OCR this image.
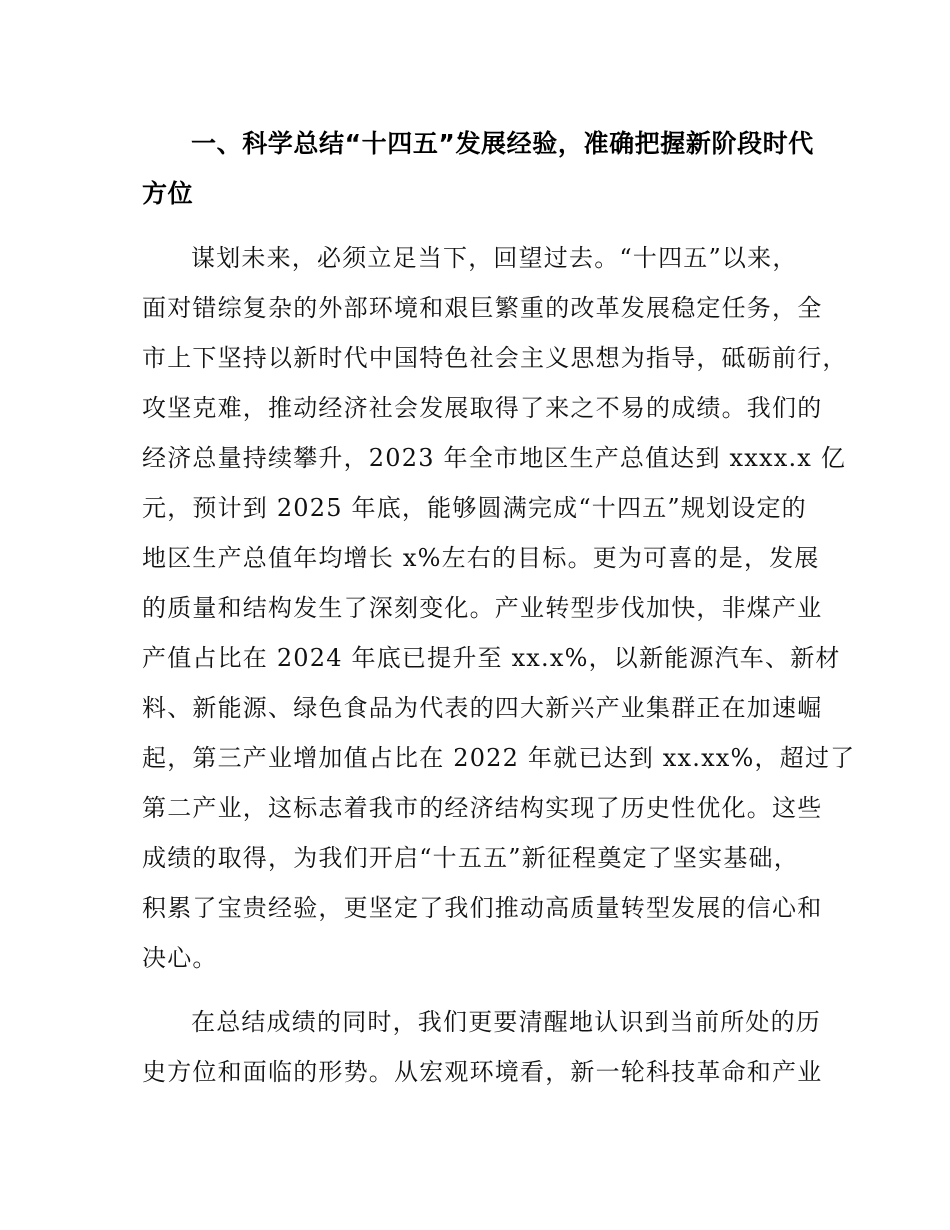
一、科学总结“十四五”发展经验，准确把握新阶段时代
方位
谋划未来，必须立足当下，回望过去。“十四五”以来，
面对错综复杂的外部环境和艰巨繁重的改革发展稳定任务，全
市上下坚持以新时代中国特色社会主义思想为指导，砥砺前行，
攻坚克难，推动经济社会发展取得了来之不易的成绩。我们的
经济总量持续攀升，2023 年全市地区生产总值达到 xxxx.x 亿
元，预计到 2025 年底，能够圆满完成“十四五”规划设定的
地区生产总值年均增长 x%左右的目标。更为可喜的是，发展
的质量和结构发生了深刻变化。产业转型步伐加快，非煤产业
产值占比在 2024 年底已提升至 xx.x%，以新能源汽车、新材
料、新能源、绿色食品为代表的四大新兴产业集群正在加速崛
起，第三产业增加值占比在 2022 年就已达到 xx.xx%，超过了
第二产业，这标志着我市的经济结构实现了历史性优化。这些
成绩的取得，为我们开启“十五五”新征程奠定了坚实基础，
积累了宝贵经验，更坚定了我们推动高质量转型发展的信心和
决心。
在总结成绩的同时，我们更要清醒地认识到当前所处的历
史方位和面临的形势。从宏观环境看，新一轮科技革命和产业
